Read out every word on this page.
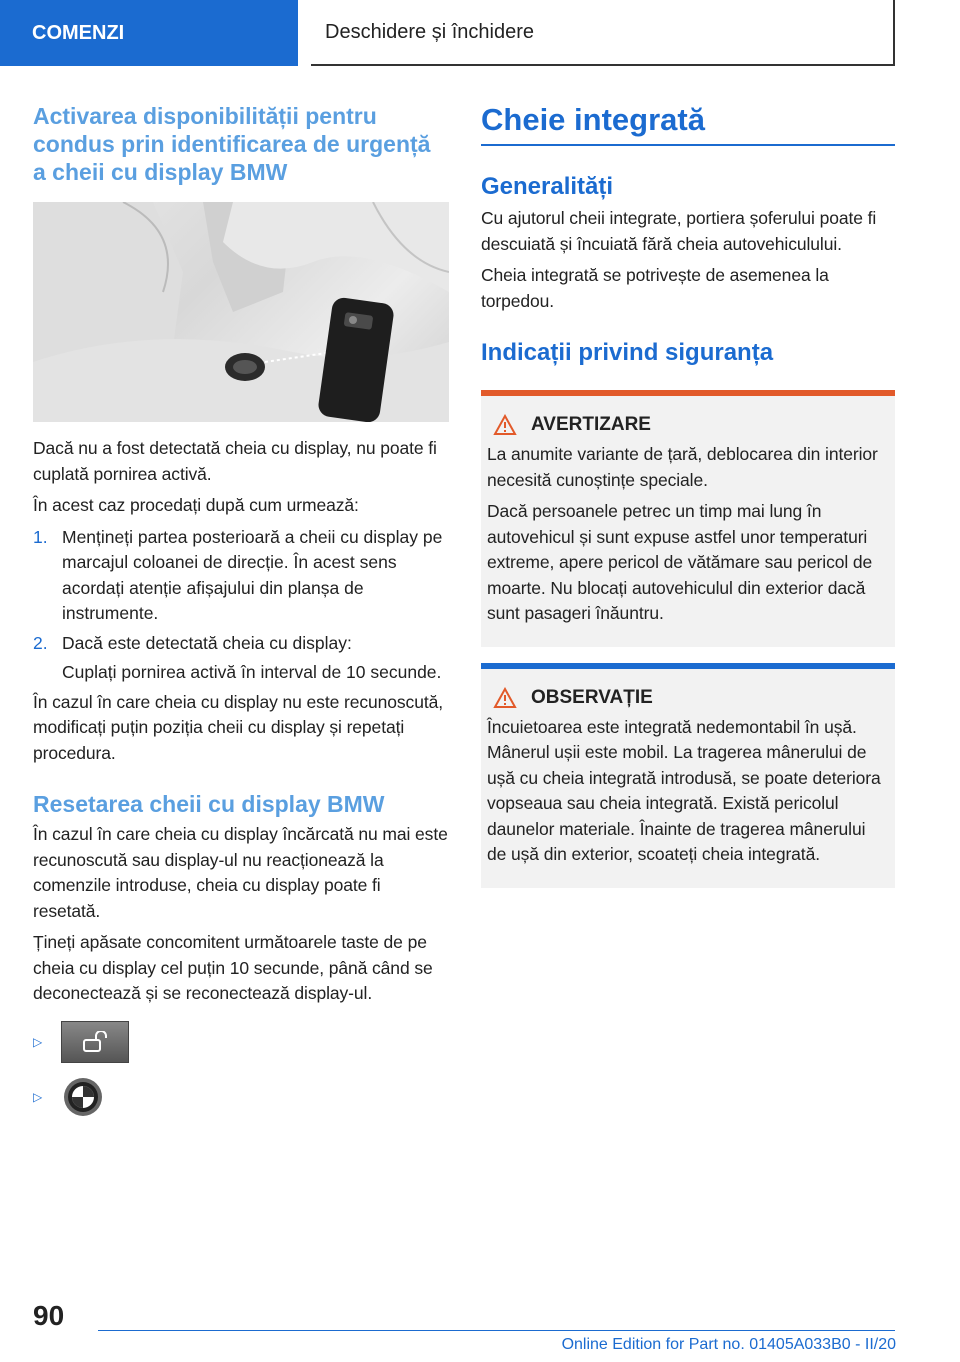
COMENZI	Deschidere și închidere
Activarea disponibilității pentru condus prin identificarea de urgență a cheii cu display BMW

Dacă nu a fost detectată cheia cu display, nu poate fi cuplată pornirea activă.

În acest caz procedați după cum urmează:

1. Mențineți partea posterioară a cheii cu display pe marcajul coloanei de direcție. În acest sens acordați atenție afișajului din planșa de instrumente.
2. Dacă este detectată cheia cu display:
Cuplați pornirea activă în interval de 10 secunde.

În cazul în care cheia cu display nu este recunoscută, modificați puțin poziția cheii cu display și repetați procedura.

Resetarea cheii cu display BMW

În cazul în care cheia cu display încărcată nu mai este recunoscută sau display-ul nu reacționează la comenzile introduse, cheia cu display poate fi resetată.

Țineți apăsate concomitent următoarele taste de pe cheia cu display cel puțin 10 secunde, până când se deconectează și se reconectează display-ul.

▷
▷
Cheie integrată
Generalități

Cu ajutorul cheii integrate, portiera șoferului poate fi descuiată și încuiată fără cheia autovehiculului.

Cheia integrată se potrivește de asemenea la torpedou.

Indicații privind siguranța
AVERTIZARE

La anumite variante de țară, deblocarea din interior necesită cunoștințe speciale.

Dacă persoanele petrec un timp mai lung în autovehicul și sunt expuse astfel unor temperaturi extreme, apere pericol de vătămare sau pericol de moarte. Nu blocați autovehiculul din exterior dacă sunt pasageri înăuntru.

OBSERVAȚIE

Încuietoarea este integrată nedemontabil în ușă. Mânerul ușii este mobil. La tragerea mânerului de ușă cu cheia integrată introdusă, se poate deteriora vopseaua sau cheia integrată. Există pericolul daunelor materiale. Înainte de tragerea mânerului de ușă din exterior, scoateți cheia integrată.

90
Online Edition for Part no. 01405A033B0 - II/20
